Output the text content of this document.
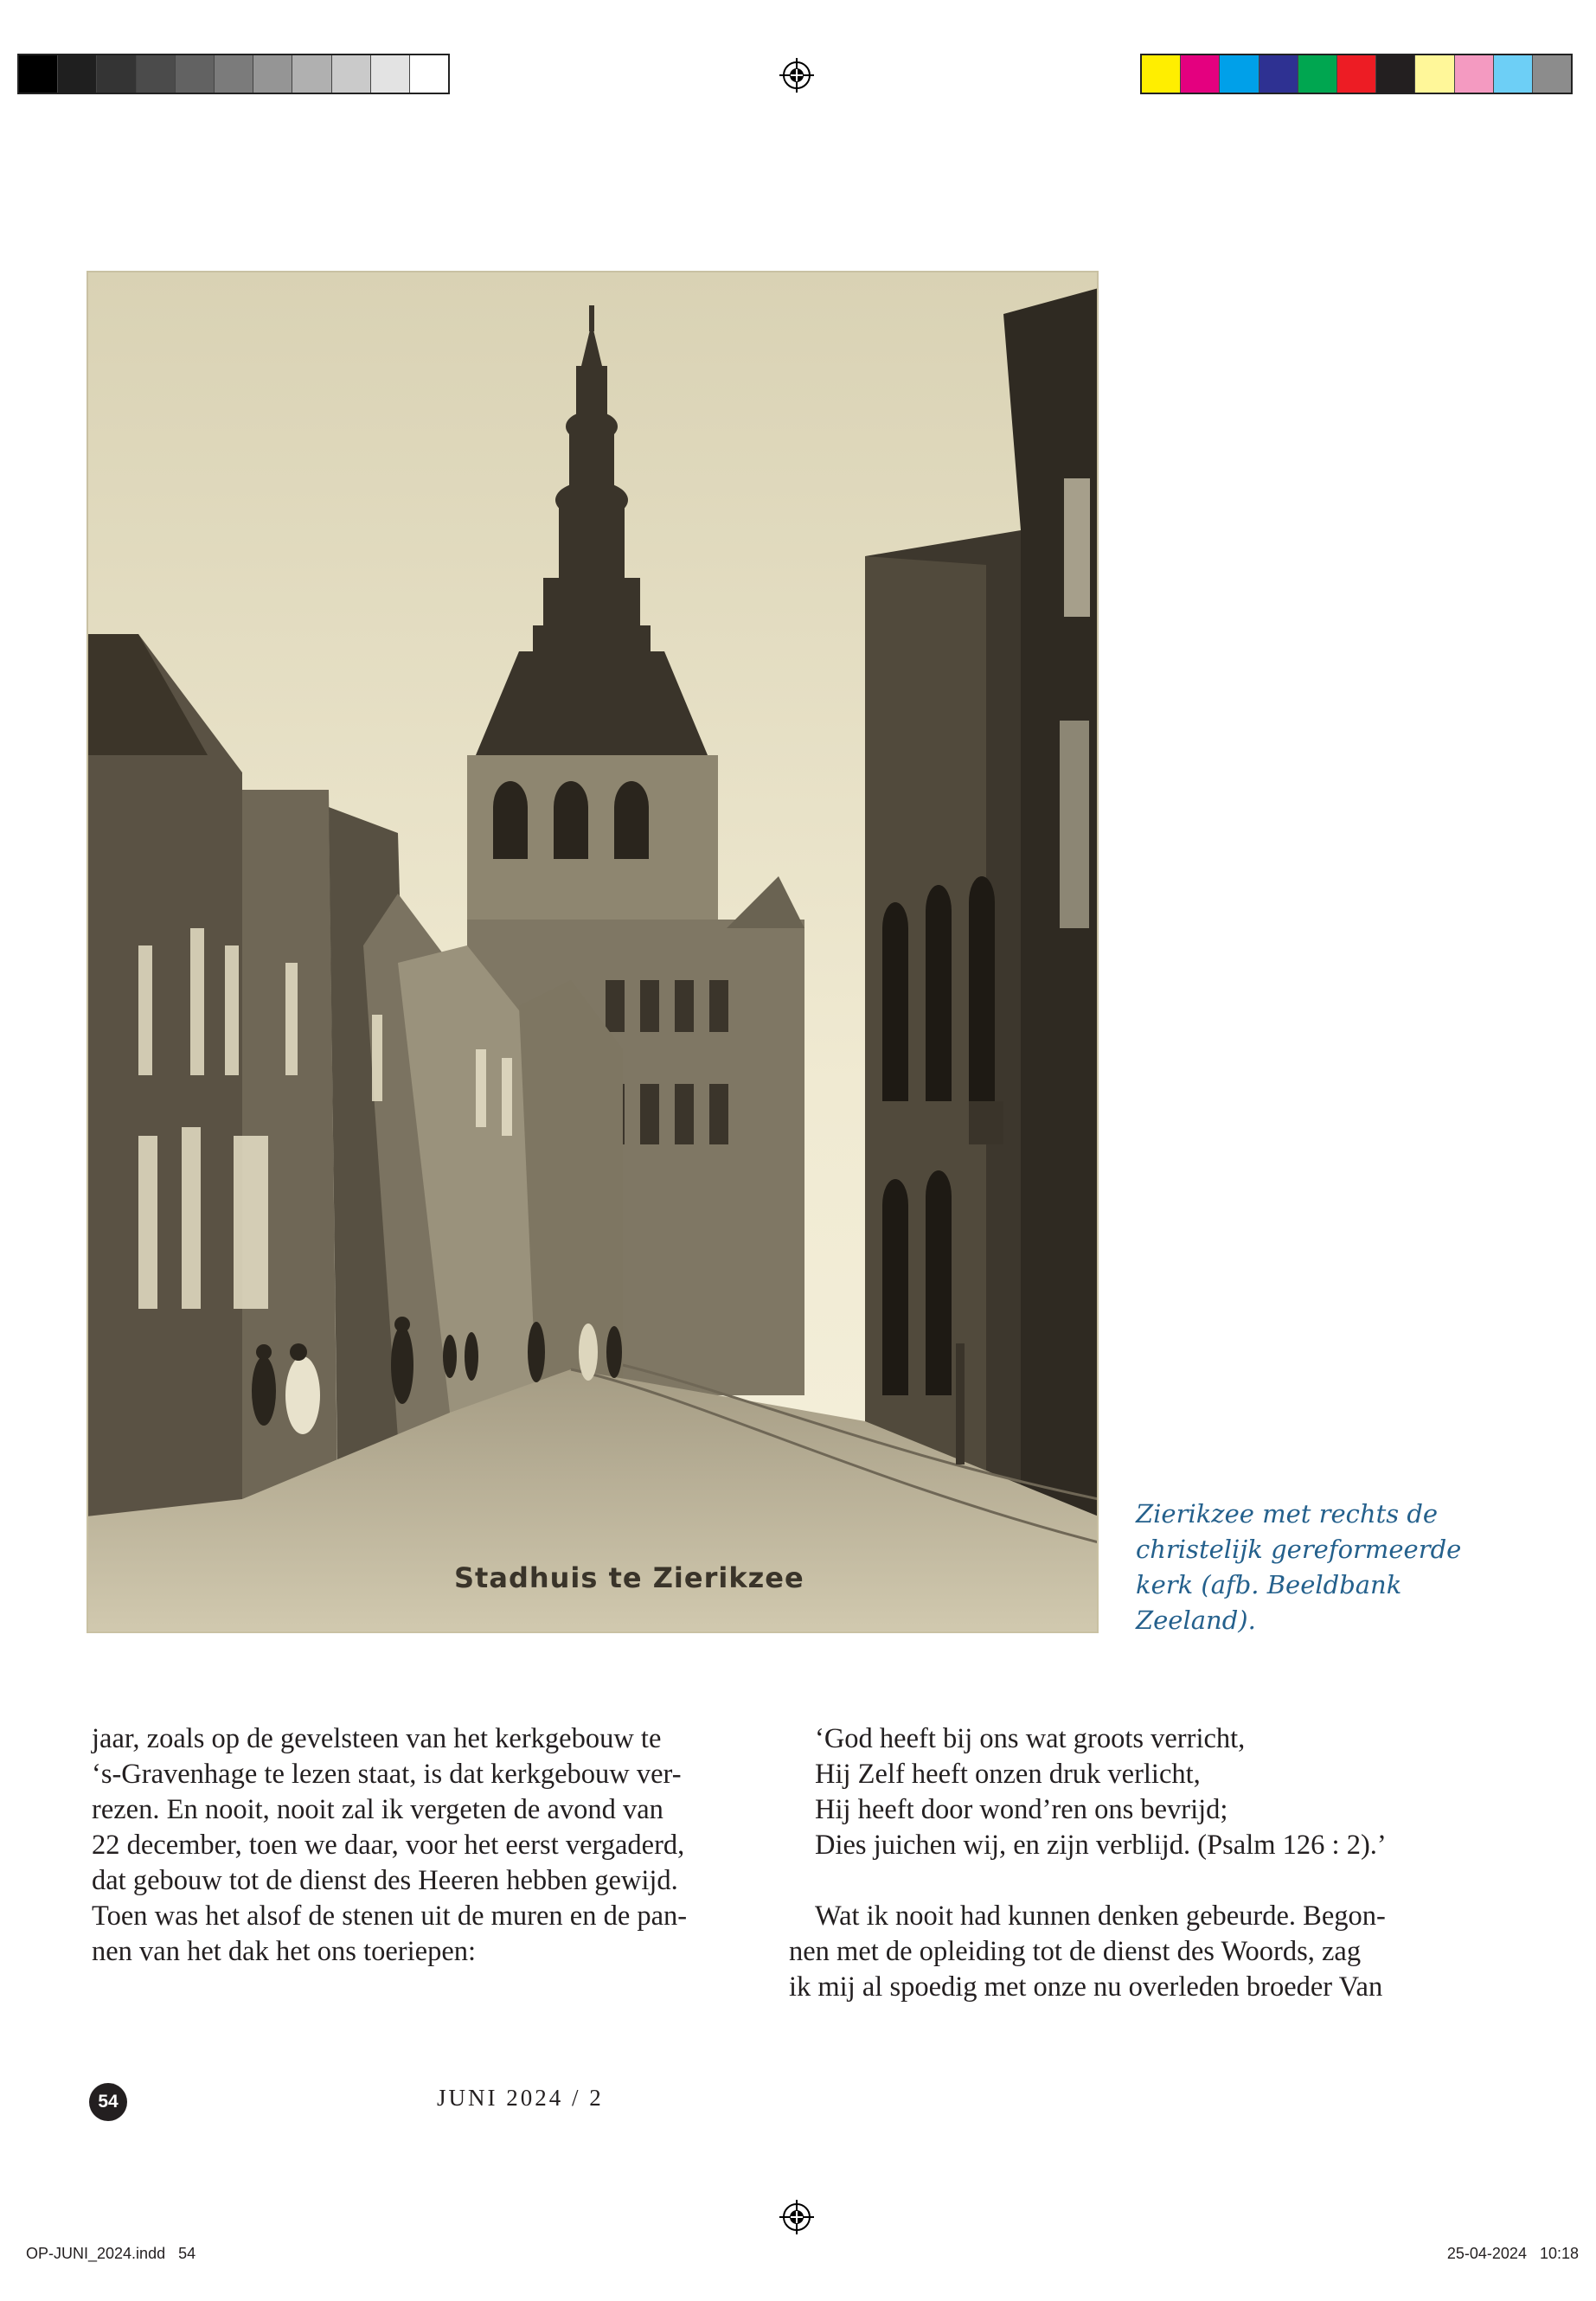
Stadhuis te Zierikzee
Zierikzee met rechts de
christelijk gereformeerde
kerk (afb. Beeldbank
Zeeland).

jaar, zoals op de gevelsteen van het kerkgebouw te
‘s-Gravenhage te lezen staat, is dat kerkgebouw ver-
rezen. En nooit, nooit zal ik vergeten de avond van
22 december, toen we daar, voor het eerst vergaderd,
dat gebouw tot de dienst des Heeren hebben gewijd.
Toen was het alsof de stenen uit de muren en de pan-
nen van het dak het ons toeriepen:

‘God heeft bij ons wat groots verricht,
Hij Zelf heeft onzen druk verlicht,
Hij heeft door wond’ren ons bevrijd;
Dies juichen wij, en zijn verblijd. (Psalm 126 : 2).’

Wat ik nooit had kunnen denken gebeurde. Begon-
nen met de opleiding tot de dienst des Woords, zag
ik mij al spoedig met onze nu overleden broeder Van

54	JUNI 2024 / 2
OP-JUNI_2024.indd   54	25-04-2024   10:18
